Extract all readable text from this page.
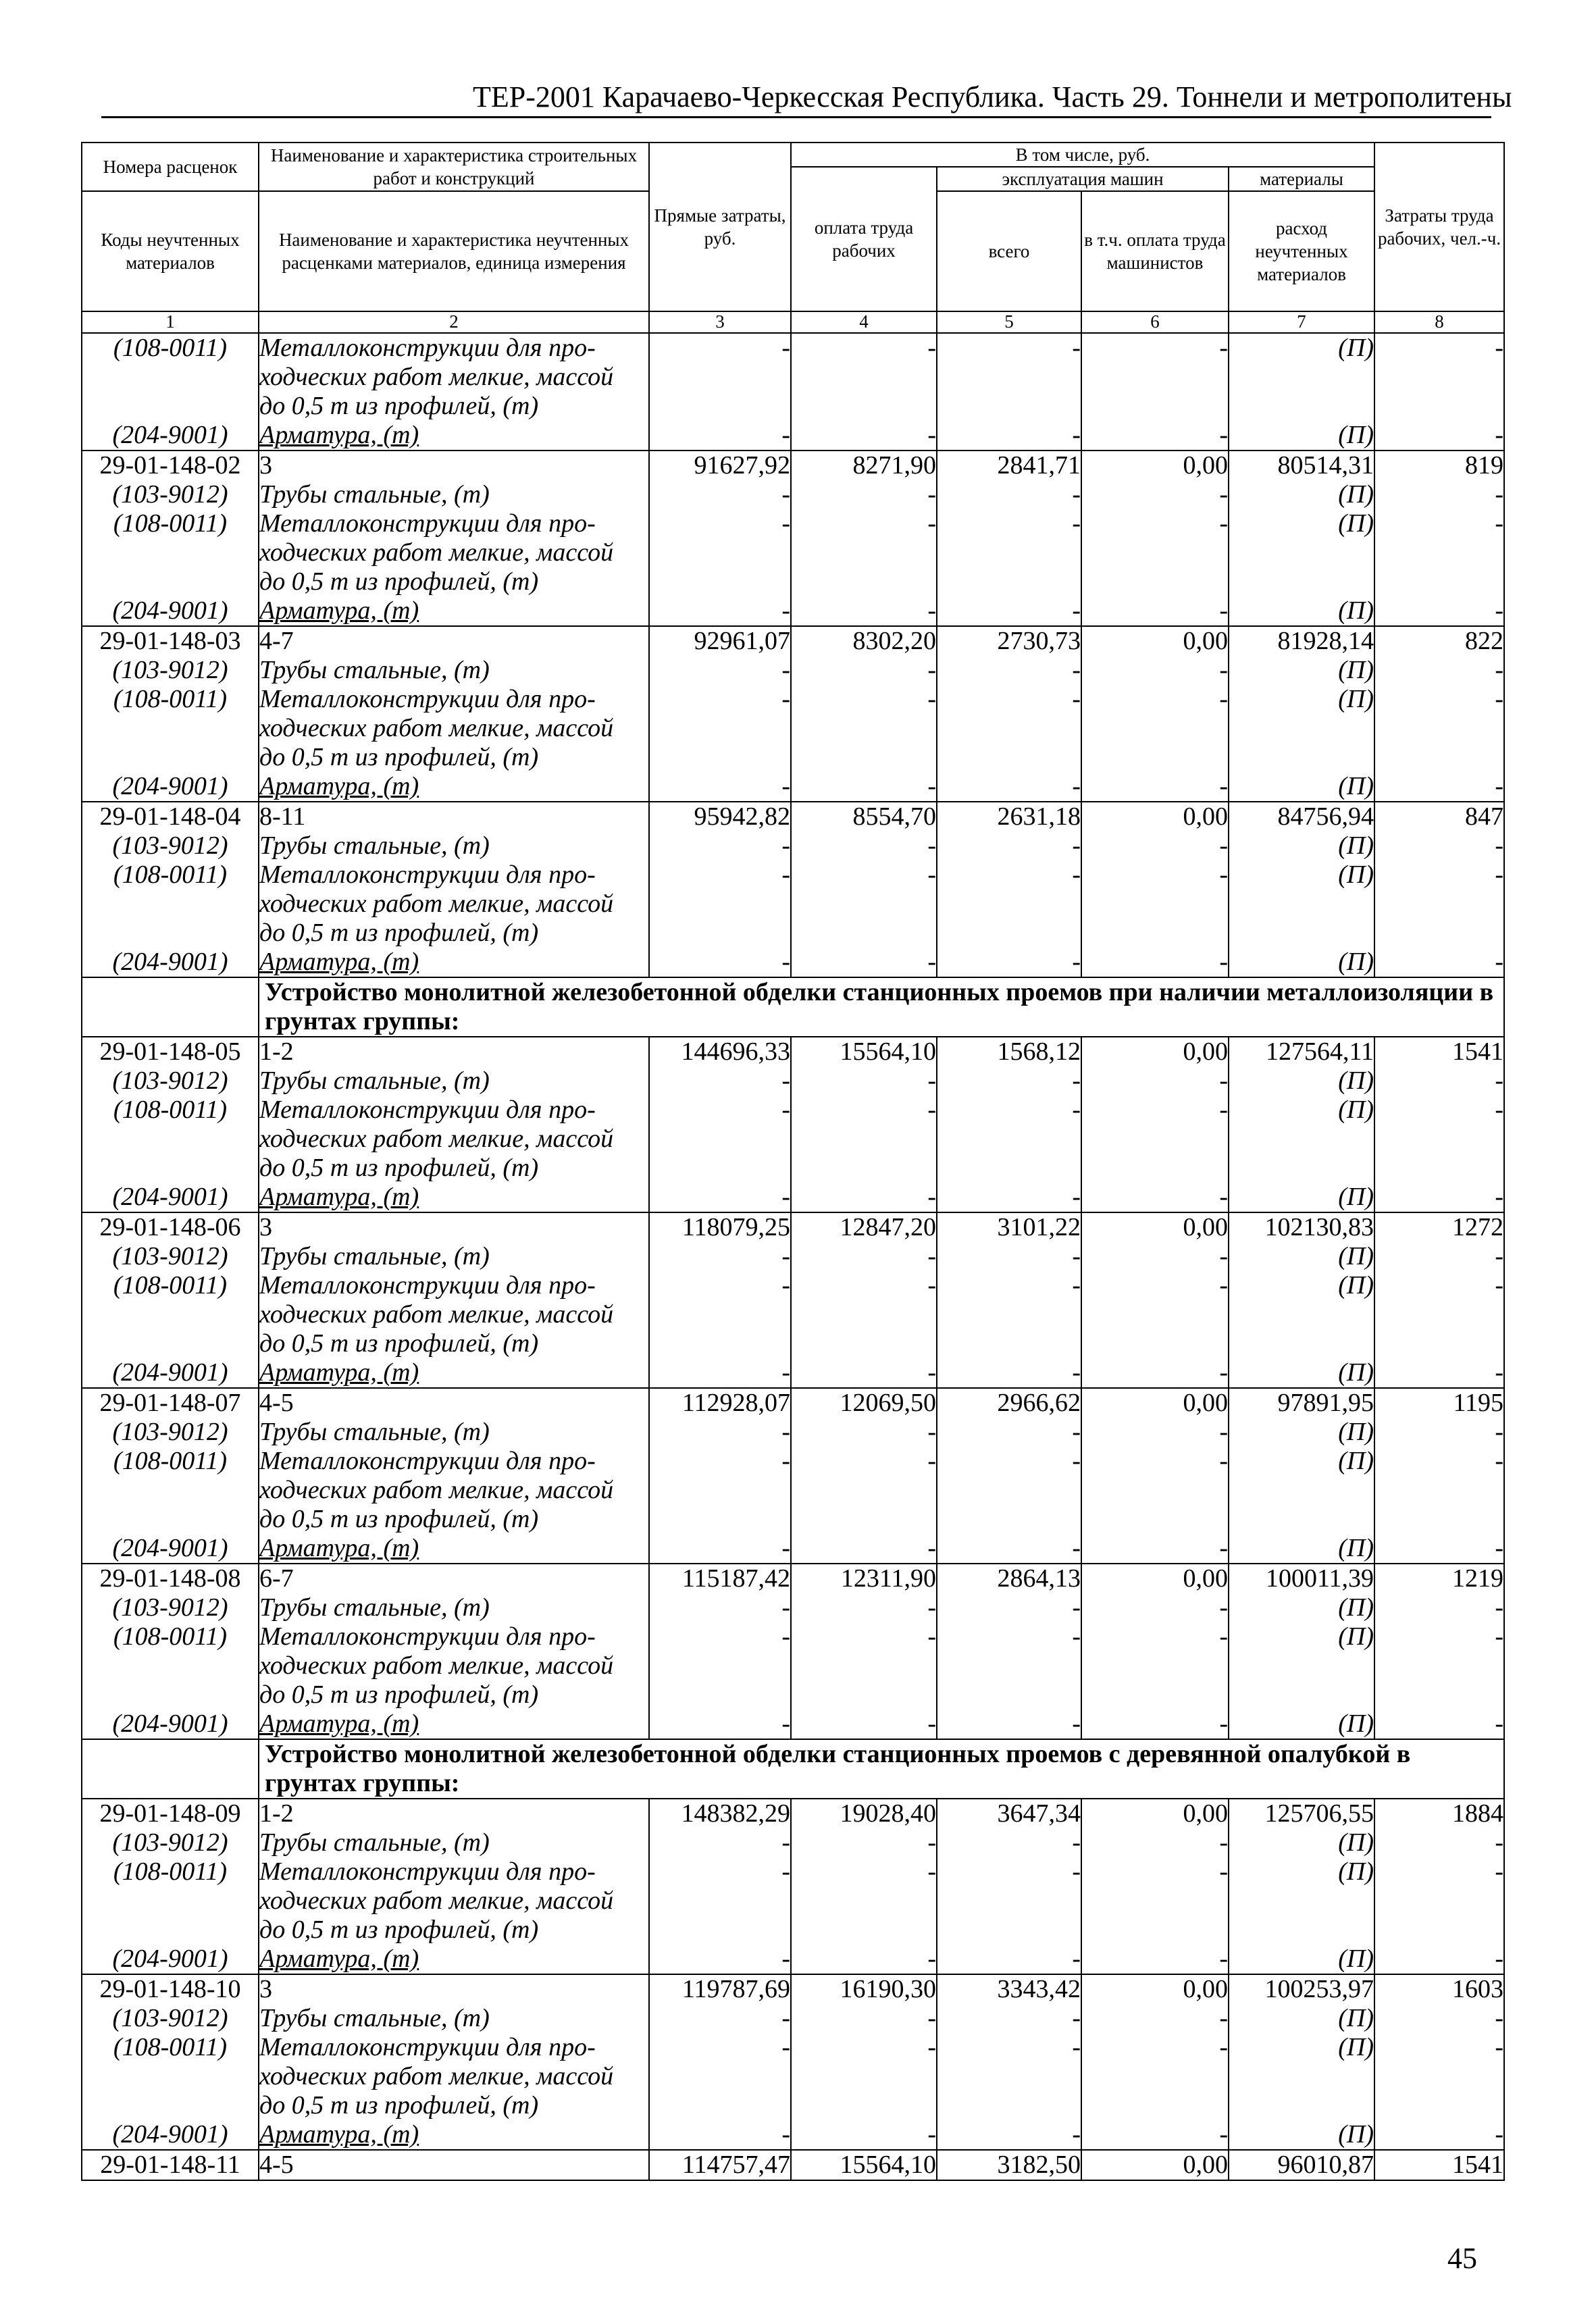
ТЕР-2001 Карачаево-Черкесская Республика. Часть 29. Тоннели и метрополитены
Номера расценок	Наименование и характеристика строительных работ и конструкций	Прямые затраты, руб.	В том числе, руб.				Затраты труда рабочих, чел.-ч.
			оплата труда рабочих	эксплуатация машин		материалы	
Коды неучтенных материалов	Наименование и характеристика неучтенных расценками материалов, единица измерения			всего	в т.ч. оплата труда машинистов	расход неучтенных материалов	

1	2	3	4	5	6	7	8
(108-0011)	Металлоконструкции для про-	-	-	-	-	(П)	-
	ходческих работ мелкие, массой						
	до 0,5 т из профилей, (т)						
(204-9001)	Арматура, (т)	-	-	-	-	(П)	-
29-01-148-02	3	91627,92	8271,90	2841,71	0,00	80514,31	819
(103-9012)	Трубы стальные, (т)	-	-	-	-	(П)	-
(108-0011)	Металлоконструкции для про-	-	-	-	-	(П)	-
	ходческих работ мелкие, массой						
	до 0,5 т из профилей, (т)						
(204-9001)	Арматура, (т)	-	-	-	-	(П)	-
29-01-148-03	4-7	92961,07	8302,20	2730,73	0,00	81928,14	822
(103-9012)	Трубы стальные, (т)	-	-	-	-	(П)	-
(108-0011)	Металлоконструкции для про-	-	-	-	-	(П)	-
	ходческих работ мелкие, массой						
	до 0,5 т из профилей, (т)						
(204-9001)	Арматура, (т)	-	-	-	-	(П)	-
29-01-148-04	8-11	95942,82	8554,70	2631,18	0,00	84756,94	847
(103-9012)	Трубы стальные, (т)	-	-	-	-	(П)	-
(108-0011)	Металлоконструкции для про-	-	-	-	-	(П)	-
	ходческих работ мелкие, массой						
	до 0,5 т из профилей, (т)						
(204-9001)	Арматура, (т)	-	-	-	-	(П)	-
	Устройство монолитной железобетонной обделки станционных проемов при наличии металлоизоляции в грунтах группы:						
29-01-148-05	1-2	144696,33	15564,10	1568,12	0,00	127564,11	1541
(103-9012)	Трубы стальные, (т)	-	-	-	-	(П)	-
(108-0011)	Металлоконструкции для про-	-	-	-	-	(П)	-
	ходческих работ мелкие, массой						
	до 0,5 т из профилей, (т)						
(204-9001)	Арматура, (т)	-	-	-	-	(П)	-
29-01-148-06	3	118079,25	12847,20	3101,22	0,00	102130,83	1272
(103-9012)	Трубы стальные, (т)	-	-	-	-	(П)	-
(108-0011)	Металлоконструкции для про-	-	-	-	-	(П)	-
	ходческих работ мелкие, массой						
	до 0,5 т из профилей, (т)						
(204-9001)	Арматура, (т)	-	-	-	-	(П)	-
29-01-148-07	4-5	112928,07	12069,50	2966,62	0,00	97891,95	1195
(103-9012)	Трубы стальные, (т)	-	-	-	-	(П)	-
(108-0011)	Металлоконструкции для про-	-	-	-	-	(П)	-
	ходческих работ мелкие, массой						
	до 0,5 т из профилей, (т)						
(204-9001)	Арматура, (т)	-	-	-	-	(П)	-
29-01-148-08	6-7	115187,42	12311,90	2864,13	0,00	100011,39	1219
(103-9012)	Трубы стальные, (т)	-	-	-	-	(П)	-
(108-0011)	Металлоконструкции для про-	-	-	-	-	(П)	-
	ходческих работ мелкие, массой						
	до 0,5 т из профилей, (т)						
(204-9001)	Арматура, (т)	-	-	-	-	(П)	-
	Устройство монолитной железобетонной обделки станционных проемов с деревянной опалубкой в грунтах группы:						
29-01-148-09	1-2	148382,29	19028,40	3647,34	0,00	125706,55	1884
(103-9012)	Трубы стальные, (т)	-	-	-	-	(П)	-
(108-0011)	Металлоконструкции для про-	-	-	-	-	(П)	-
	ходческих работ мелкие, массой						
	до 0,5 т из профилей, (т)						
(204-9001)	Арматура, (т)	-	-	-	-	(П)	-
29-01-148-10	3	119787,69	16190,30	3343,42	0,00	100253,97	1603
(103-9012)	Трубы стальные, (т)	-	-	-	-	(П)	-
(108-0011)	Металлоконструкции для про-	-	-	-	-	(П)	-
	ходческих работ мелкие, массой						
	до 0,5 т из профилей, (т)						
(204-9001)	Арматура, (т)	-	-	-	-	(П)	-
29-01-148-11	4-5	114757,47	15564,10	3182,50	0,00	96010,87	1541
45
